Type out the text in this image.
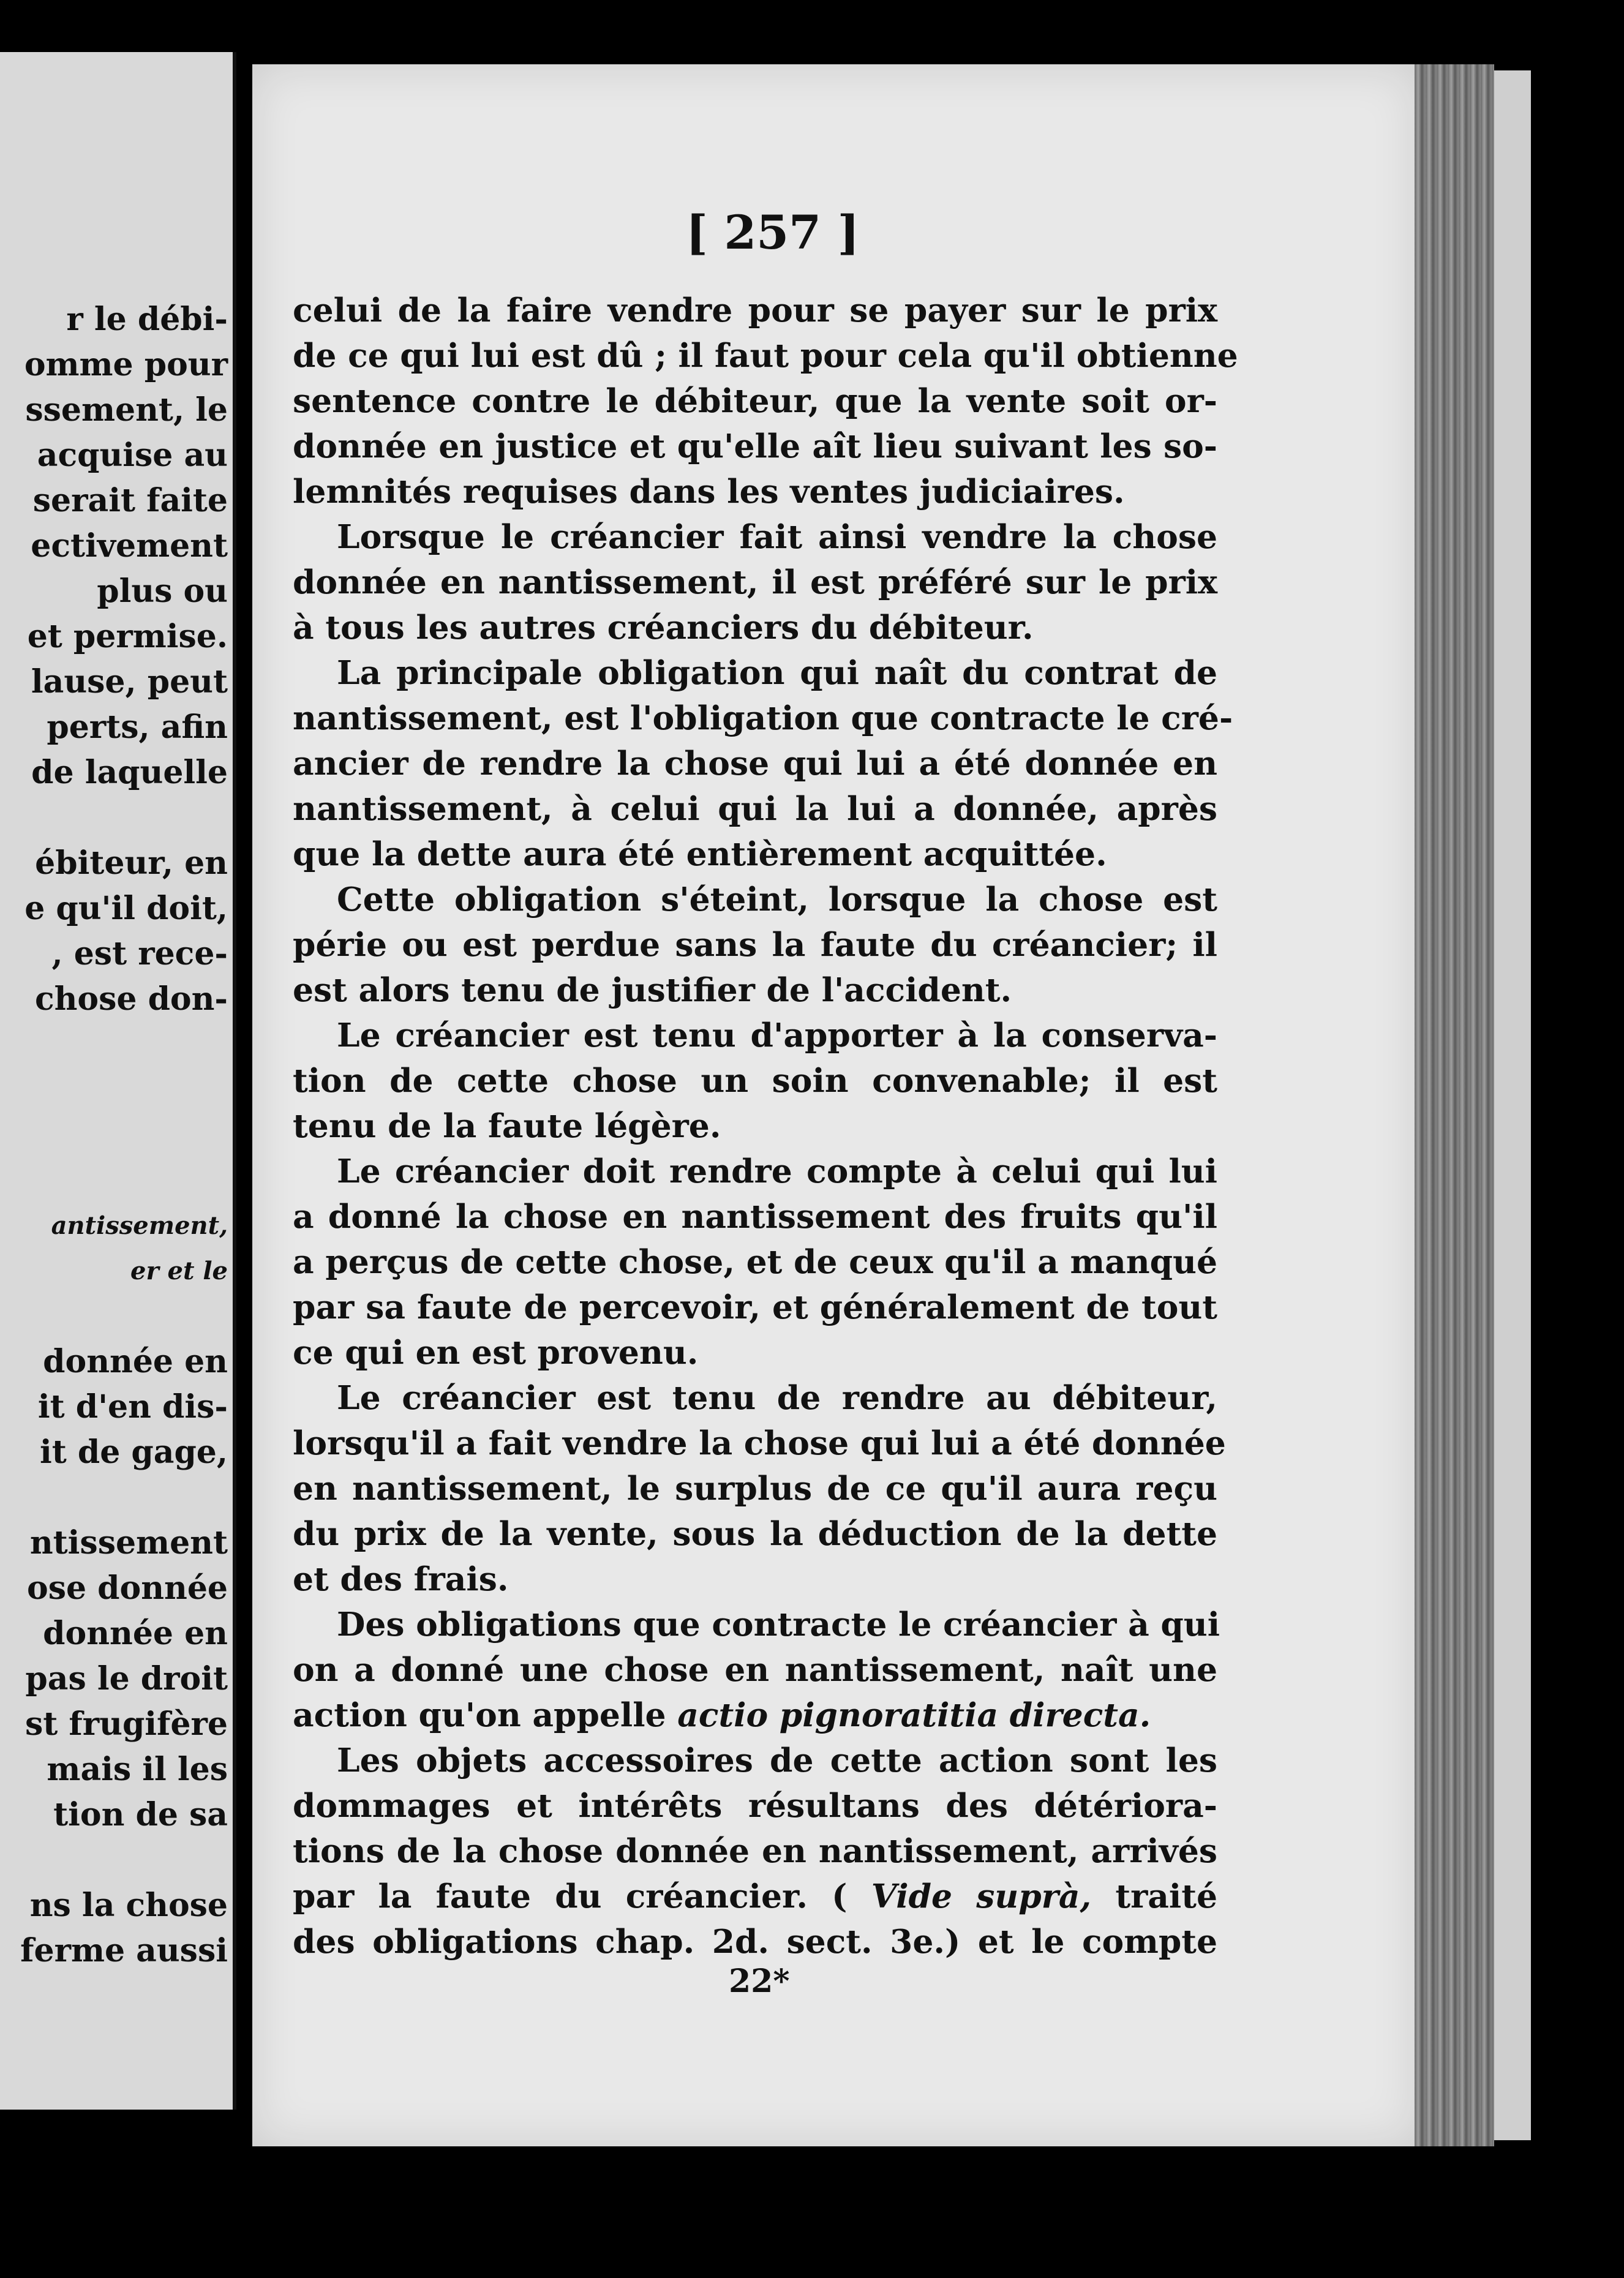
r le débi-
omme pour
ssement, le
acquise au
serait faite
ectivement
plus ou
et permise.
lause, peut
perts, afin
de laquelle

ébiteur, en
e qu'il doit,
, est rece-
chose don-

antissement,
er et le

donnée en
it d'en dis-
it de gage,

ntissement
ose donnée
donnée en
pas le droit
st frugifère
mais il les
tion de sa

ns la chose
ferme aussi
[ 257 ]
celui de la faire vendre pour se payer sur le prix
de ce qui lui est dû ; il faut pour cela qu'il obtienne
sentence contre le débiteur, que la vente soit or-
donnée en justice et qu'elle aît lieu suivant les so-
lemnités requises dans les ventes judiciaires.
Lorsque le créancier fait ainsi vendre la chose
donnée en nantissement, il est préféré sur le prix
à tous les autres créanciers du débiteur.
La principale obligation qui naît du contrat de
nantissement, est l'obligation que contracte le cré-
ancier de rendre la chose qui lui a été donnée en
nantissement, à celui qui la lui a donnée, après
que la dette aura été entièrement acquittée.
Cette obligation s'éteint, lorsque la chose est
périe ou est perdue sans la faute du créancier; il
est alors tenu de justifier de l'accident.
Le créancier est tenu d'apporter à la conserva-
tion de cette chose un soin convenable; il est
tenu de la faute légère.
Le créancier doit rendre compte à celui qui lui
a donné la chose en nantissement des fruits qu'il
a perçus de cette chose, et de ceux qu'il a manqué
par sa faute de percevoir, et généralement de tout
ce qui en est provenu.
Le créancier est tenu de rendre au débiteur,
lorsqu'il a fait vendre la chose qui lui a été donnée
en nantissement, le surplus de ce qu'il aura reçu
du prix de la vente, sous la déduction de la dette
et des frais.
Des obligations que contracte le créancier à qui
on a donné une chose en nantissement, naît une
action qu'on appelle actio pignoratitia directa.
Les objets accessoires de cette action sont les
dommages et intérêts résultans des détériora-
tions de la chose donnée en nantissement, arrivés
par la faute du créancier. ( Vide suprà, traité
des obligations chap. 2d. sect. 3e.) et le compte
22*
